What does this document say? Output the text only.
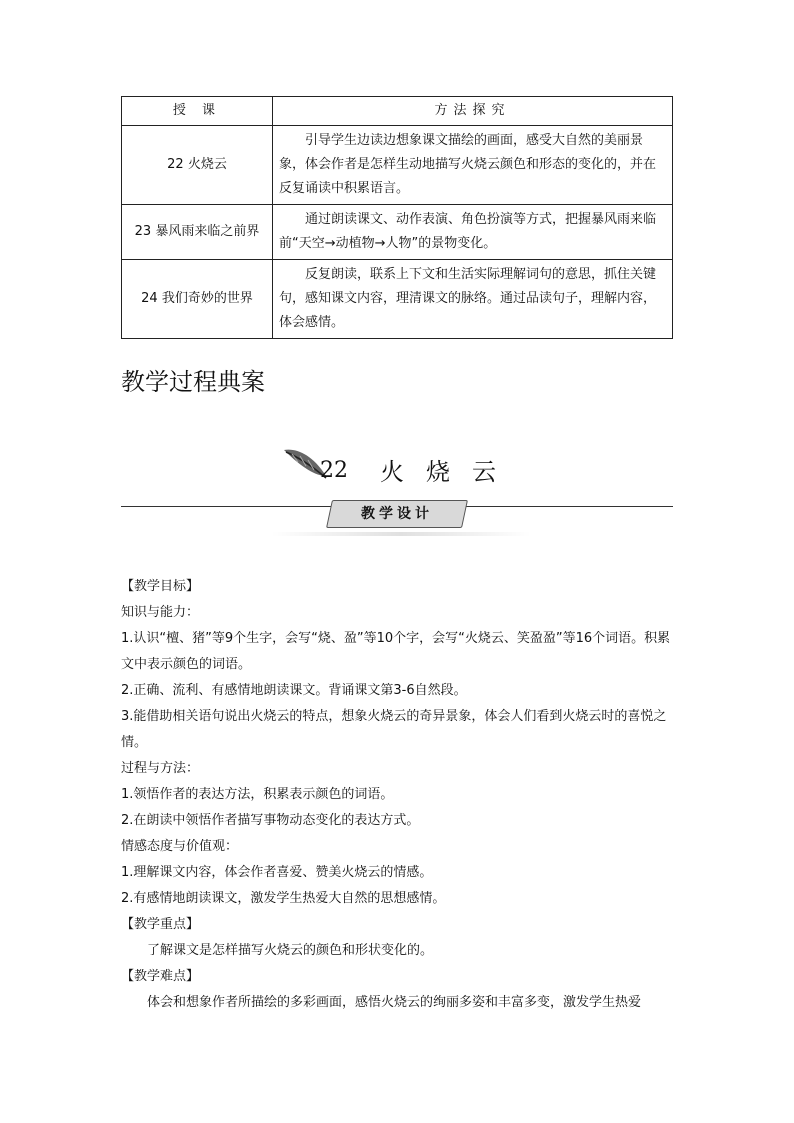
授 课	方法探究
22 火烧云	引导学生边读边想象课文描绘的画面，感受大自然的美丽景象，体会作者是怎样生动地描写火烧云颜色和形态的变化的，并在反复诵读中积累语言。
23 暴风雨来临之前界	通过朗读课文、动作表演、角色扮演等方式，把握暴风雨来临前“天空→动植物→人物”的景物变化。
24 我们奇妙的世界	反复朗读，联系上下文和生活实际理解词句的意思，抓住关键句，感知课文内容，理清课文的脉络。通过品读句子，理解内容，体会感情。
教学过程典案
22 火烧云
教学设计

【教学目标】

知识与能力：

1.认识“檀、猪”等9个生字，会写“烧、盈”等10个字，会写“火烧云、笑盈盈”等16个词语。积累文中表示颜色的词语。

2.正确、流利、有感情地朗读课文。背诵课文第3-6自然段。

3.能借助相关语句说出火烧云的特点，想象火烧云的奇异景象，体会人们看到火烧云时的喜悦之情。

过程与方法：

1.领悟作者的表达方法，积累表示颜色的词语。

2.在朗读中领悟作者描写事物动态变化的表达方式。

情感态度与价值观：

1.理解课文内容，体会作者喜爱、赞美火烧云的情感。

2.有感情地朗读课文，激发学生热爱大自然的思想感情。

【教学重点】

了解课文是怎样描写火烧云的颜色和形状变化的。

【教学难点】

体会和想象作者所描绘的多彩画面，感悟火烧云的绚丽多姿和丰富多变，激发学生热爱
